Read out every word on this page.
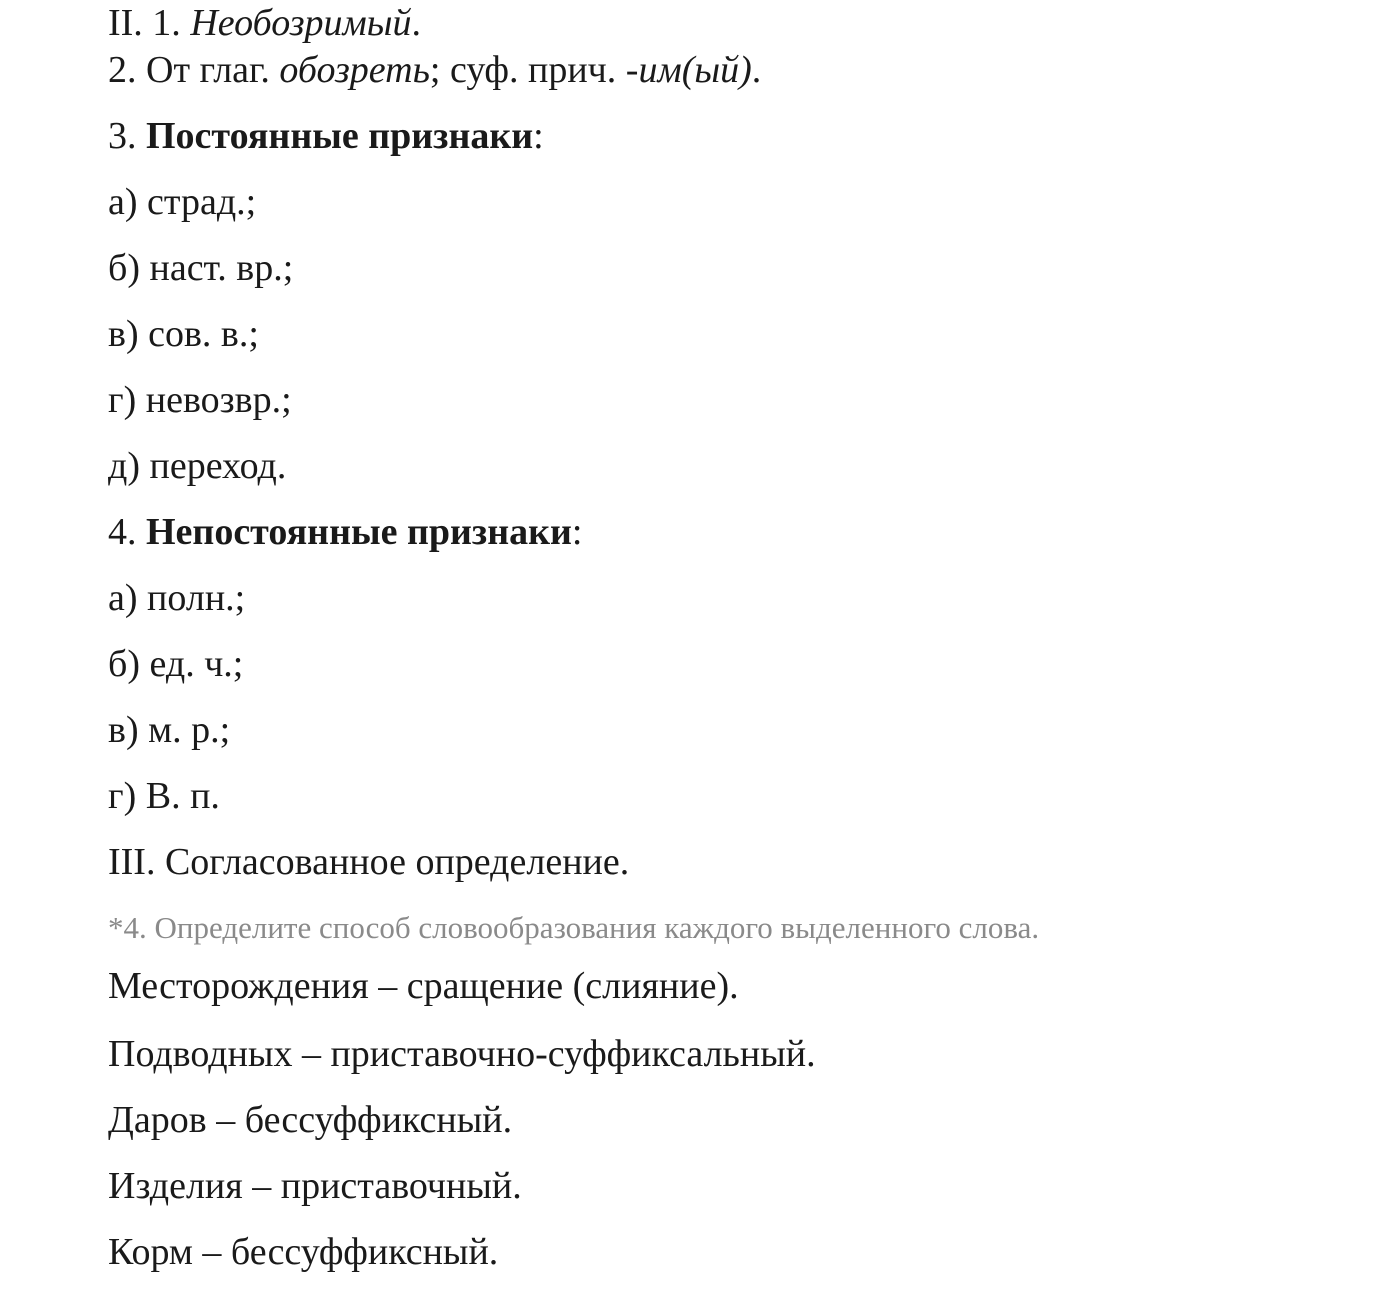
II. 1. Необозримый.
2. От глаг. обозреть; суф. прич. -им(ый).
3. Постоянные признаки:
а) страд.;
б) наст. вр.;
в) сов. в.;
г) невозвр.;
д) переход.
4. Непостоянные признаки:
а) полн.;
б) ед. ч.;
в) м. р.;
г) В. п.
III. Согласованное определение.
*4. Определите способ словообразования каждого выделенного слова.
Месторождения – сращение (слияние).
Подводных – приставочно-суффиксальный.
Даров – бессуффиксный.
Изделия – приставочный.
Корм – бессуффиксный.
